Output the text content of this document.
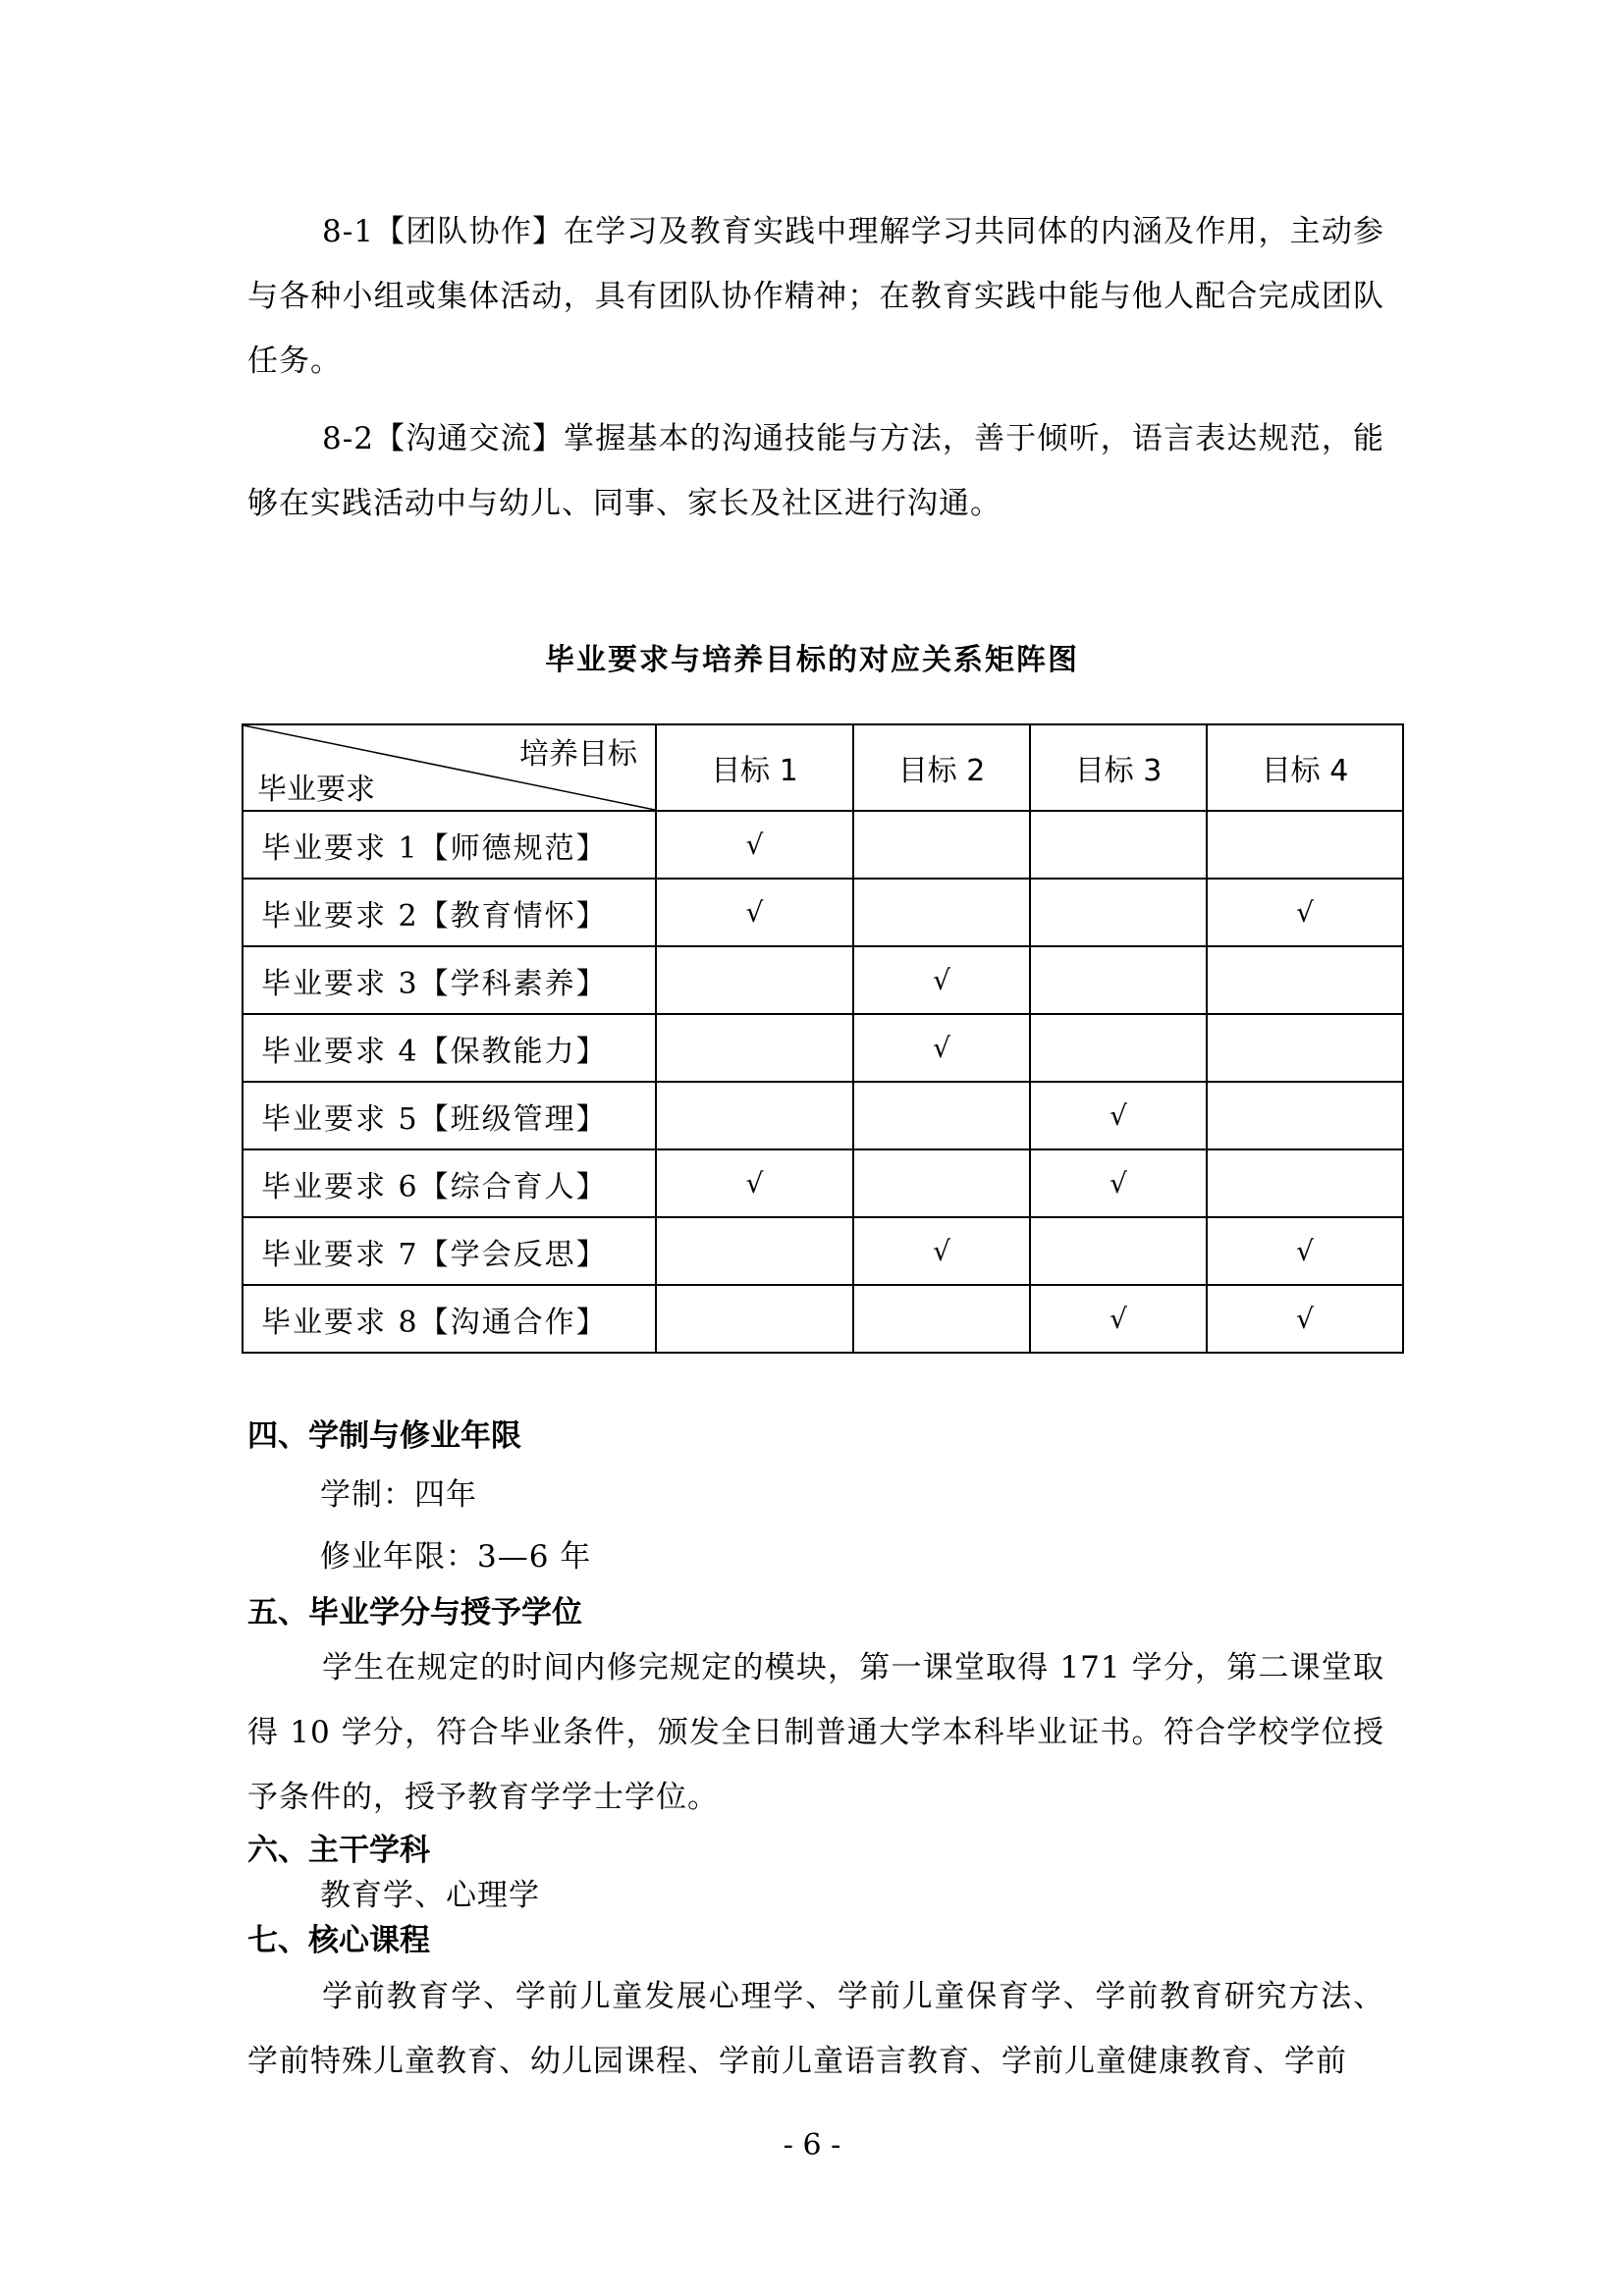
8-1【团队协作】在学习及教育实践中理解学习共同体的内涵及作用，主动参与各种小组或集体活动，具有团队协作精神；在教育实践中能与他人配合完成团队任务。

8-2【沟通交流】掌握基本的沟通技能与方法，善于倾听，语言表达规范，能够在实践活动中与幼儿、同事、家长及社区进行沟通。

毕业要求与培养目标的对应关系矩阵图
培养目标
毕业要求	目标 1	目标 2	目标 3	目标 4
毕业要求 1【师德规范】	√			
毕业要求 2【教育情怀】	√			√
毕业要求 3【学科素养】		√		
毕业要求 4【保教能力】		√		
毕业要求 5【班级管理】			√	
毕业要求 6【综合育人】	√		√	
毕业要求 7【学会反思】		√		√
毕业要求 8【沟通合作】			√	√
四、学制与修业年限

学制：四年

修业年限：3—6 年

五、毕业学分与授予学位

学生在规定的时间内修完规定的模块，第一课堂取得 171 学分，第二课堂取得 10 学分，符合毕业条件，颁发全日制普通大学本科毕业证书。符合学校学位授予条件的，授予教育学学士学位。

六、主干学科

教育学、心理学

七、核心课程

学前教育学、学前儿童发展心理学、学前儿童保育学、学前教育研究方法、学前特殊儿童教育、幼儿园课程、学前儿童语言教育、学前儿童健康教育、学前

- 6 -
